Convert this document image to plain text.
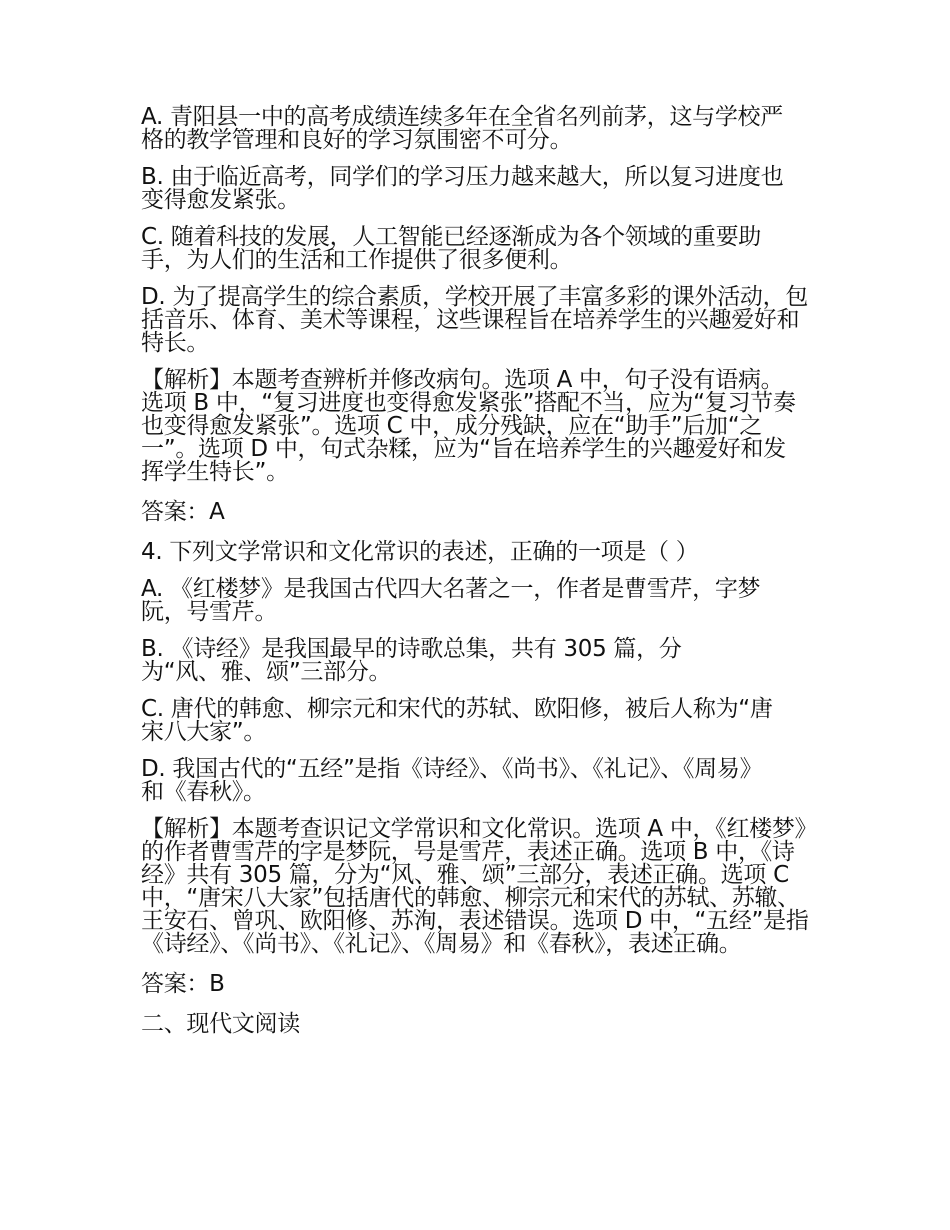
A. 青阳县一中的高考成绩连续多年在全省名列前茅，这与学校严格的教学管理和良好的学习氛围密不可分。

B. 由于临近高考，同学们的学习压力越来越大，所以复习进度也变得愈发紧张。

C. 随着科技的发展，人工智能已经逐渐成为各个领域的重要助手，为人们的生活和工作提供了很多便利。

D. 为了提高学生的综合素质，学校开展了丰富多彩的课外活动，包括音乐、体育、美术等课程，这些课程旨在培养学生的兴趣爱好和特长。

【解析】本题考查辨析并修改病句。选项 A 中，句子没有语病。选项 B 中，“复习进度也变得愈发紧张”搭配不当，应为“复习节奏也变得愈发紧张”。选项 C 中，成分残缺，应在“助手”后加“之一”。选项 D 中，句式杂糅，应为“旨在培养学生的兴趣爱好和发挥学生特长”。

答案：A

4. 下列文学常识和文化常识的表述，正确的一项是（ ）

A. 《红楼梦》是我国古代四大名著之一，作者是曹雪芹，字梦阮，号雪芹。

B. 《诗经》是我国最早的诗歌总集，共有 305 篇，分为“风、雅、颂”三部分。

C. 唐代的韩愈、柳宗元和宋代的苏轼、欧阳修，被后人称为“唐宋八大家”。

D. 我国古代的“五经”是指《诗经》、《尚书》、《礼记》、《周易》和《春秋》。

【解析】本题考查识记文学常识和文化常识。选项 A 中，《红楼梦》的作者曹雪芹的字是梦阮，号是雪芹，表述正确。选项 B 中，《诗经》共有 305 篇，分为“风、雅、颂”三部分，表述正确。选项 C 中，“唐宋八大家”包括唐代的韩愈、柳宗元和宋代的苏轼、苏辙、王安石、曾巩、欧阳修、苏洵，表述错误。选项 D 中，“五经”是指《诗经》、《尚书》、《礼记》、《周易》和《春秋》，表述正确。

答案：B

二、现代文阅读
